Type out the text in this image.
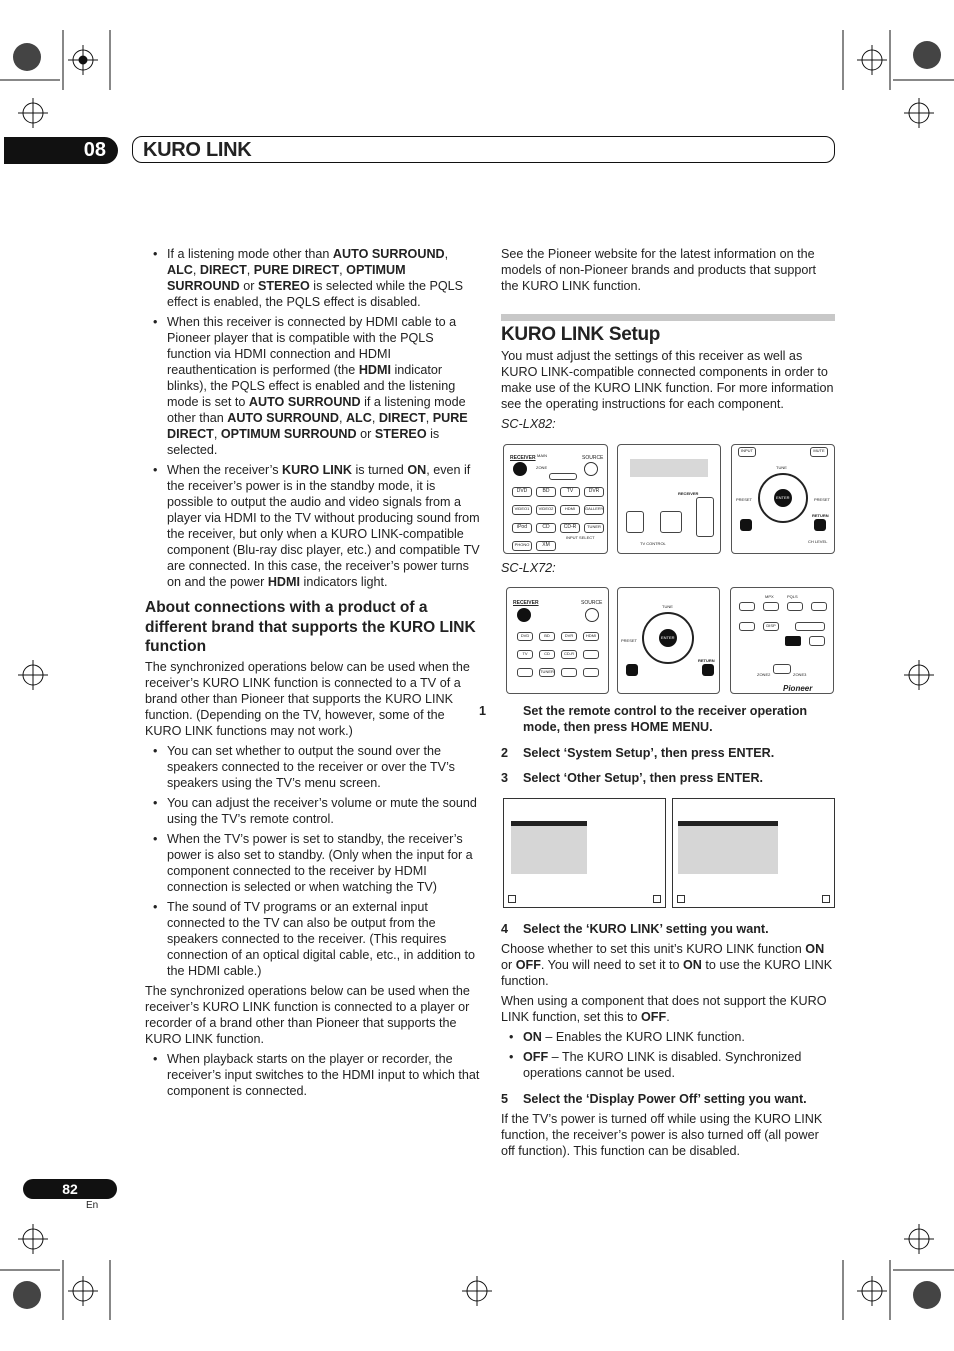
08	KURO LINK
• If a listening mode other than AUTO SURROUND, ALC, DIRECT, PURE DIRECT, OPTIMUM SURROUND or STEREO is selected while the PQLS effect is enabled, the PQLS effect is disabled.
• When this receiver is connected by HDMI cable to a Pioneer player that is compatible with the PQLS function via HDMI connection and HDMI reauthentication is performed (the HDMI indicator blinks), the PQLS effect is enabled and the listening mode is set to AUTO SURROUND if a listening mode other than AUTO SURROUND, ALC, DIRECT, PURE DIRECT, OPTIMUM SURROUND or STEREO is selected.
• When the receiver’s KURO LINK is turned ON, even if the receiver’s power is in the standby mode, it is possible to output the audio and video signals from a player via HDMI to the TV without producing sound from the receiver, but only when a KURO LINK-compatible component (Blu-ray disc player, etc.) and compatible TV are connected. In this case, the receiver’s power turns on and the power HDMI indicators light.
About connections with a product of a different brand that supports the KURO LINK function

The synchronized operations below can be used when the receiver’s KURO LINK function is connected to a TV of a brand other than Pioneer that supports the KURO LINK function. (Depending on the TV, however, some of the KURO LINK functions may not work.)

• You can set whether to output the sound over the speakers connected to the receiver or over the TV’s speakers using the TV’s menu screen.
• You can adjust the receiver’s volume or mute the sound using the TV’s remote control.
• When the TV’s power is set to standby, the receiver’s power is also set to standby. (Only when the input for a component connected to the receiver by HDMI connection is selected or when watching the TV)
• The sound of TV programs or an external input connected to the TV can also be output from the speakers connected to the receiver. (This requires connection of an optical digital cable, etc., in addition to the HDMI cable.)

The synchronized operations below can be used when the receiver’s KURO LINK function is connected to a player or recorder of a brand other than Pioneer that supports the KURO LINK function.

• When playback starts on the player or recorder, the receiver’s input switches to the HDMI input to which that component is connected.

See the Pioneer website for the latest information on the models of non-Pioneer brands and products that support the KURO LINK function.

KURO LINK Setup

You must adjust the settings of this receiver as well as KURO LINK-compatible connected components in order to make use of the KURO LINK function. For more information see the operating instructions for each component.

SC-LX82:

RECEIVER	SOURCE
MAIN
ZONE
DVD	BD	TV	DVR
VIDEO1	VIDEO2	HDMI	GALLERY
iPod	CD	CD-R	TUNER
PHONO	XM
INPUT SELECT
RECEIVER
TV CONTROL
INPUT	MUTE
ENTER
PRESET	PRESET
TUNE
RETURN
CH LEVEL

SC-LX72:

RECEIVER	SOURCE
DVD	BD	DVR	HDMI
TV	CD	CD-R
TUNER
ENTER
PRESET
TUNE
RETURN
MPX	PQLS
DISP
ZONE2	ZONE3
Pioneer

1	Set the remote control to the receiver operation mode, then press HOME MENU.

2 Select ‘System Setup’, then press ENTER.

3 Select ‘Other Setup’, then press ENTER.

4 Select the ‘KURO LINK’ setting you want.

Choose whether to set this unit’s KURO LINK function ON or OFF. You will need to set it to ON to use the KURO LINK function.

When using a component that does not support the KURO LINK function, set this to OFF.

• ON – Enables the KURO LINK function.
• OFF – The KURO LINK is disabled. Synchronized operations cannot be used.

5 Select the ‘Display Power Off’ setting you want.

If the TV’s power is turned off while using the KURO LINK function, the receiver’s power is also turned off (all power off function). This function can be disabled.

82
En
